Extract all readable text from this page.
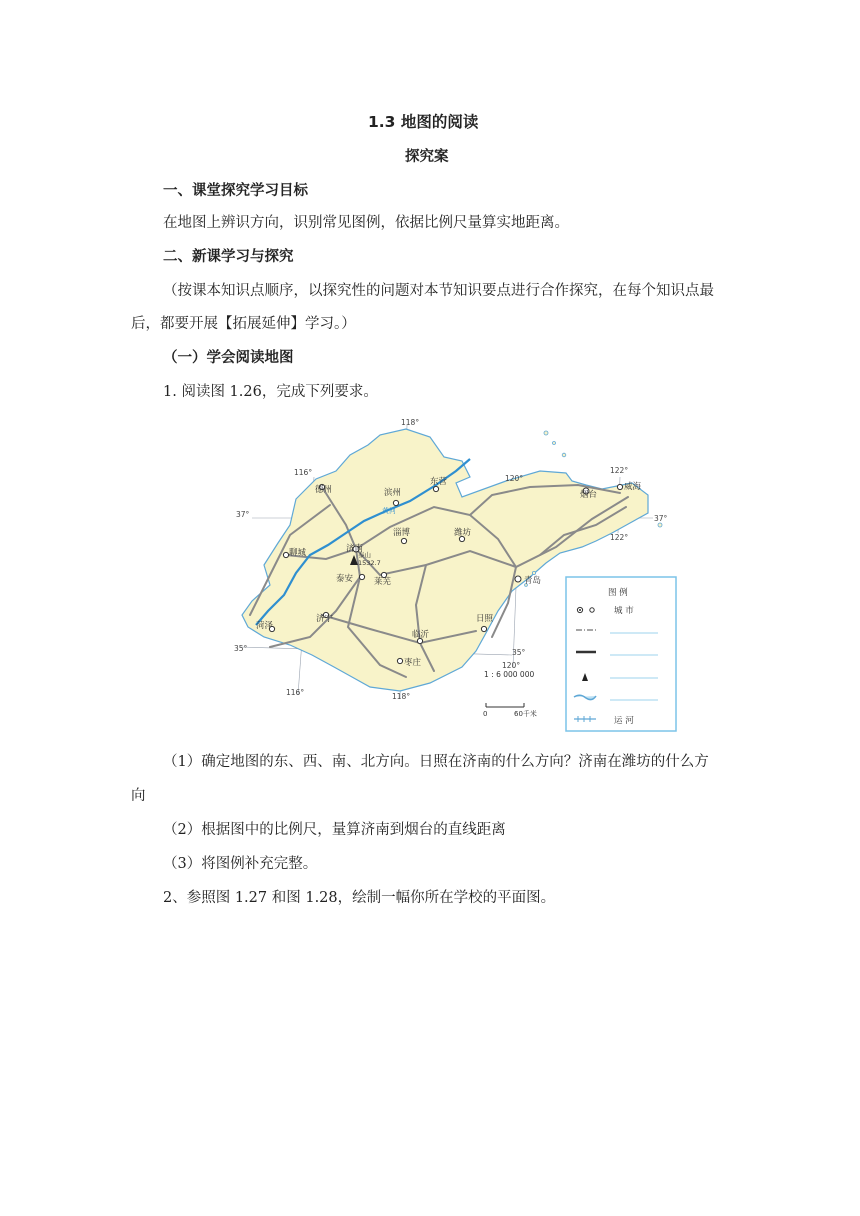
1.3 地图的阅读
探究案
一、课堂探究学习目标
在地图上辨识方向，识别常见图例，依据比例尺量算实地距离。
二、新课学习与探究
（按课本知识点顺序，以探究性的问题对本节知识要点进行合作探究，在每个知识点最
后，都要开展【拓展延伸】学习。）
（一）学会阅读地图
1. 阅读图 1.26，完成下列要求。
德州	滨州
东营
烟台
威海
聊城	济南
淄博	潍坊
泰安 莱芜	青岛
菏泽
济宁
临沂
日照
枣庄
泰山
1532.7
黄河
116°
118°
120°
122°
37°	37°
122°
35°	35°
120°
116°	118°
1 : 6 000 000
0	60千米
图 例
城 市
运 河
（1）确定地图的东、西、南、北方向。日照在济南的什么方向？济南在潍坊的什么方
向
（2）根据图中的比例尺，量算济南到烟台的直线距离
（3）将图例补充完整。
2、参照图 1.27 和图 1.28，绘制一幅你所在学校的平面图。
